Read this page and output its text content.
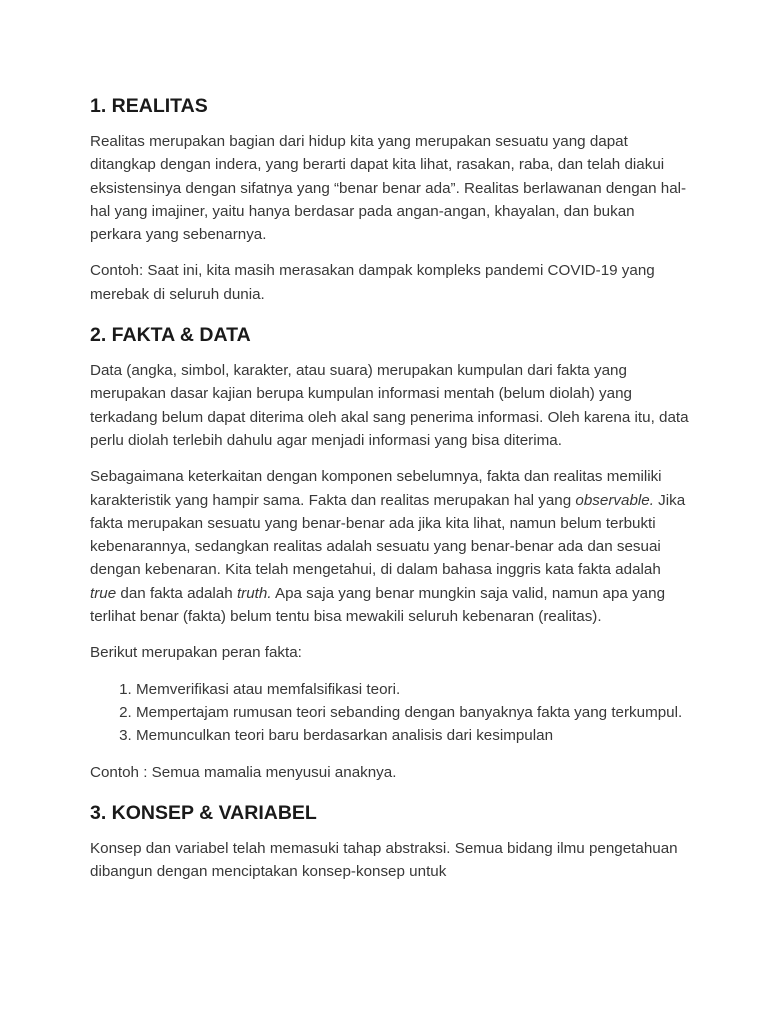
1. REALITAS

Realitas merupakan bagian dari hidup kita yang merupakan sesuatu yang dapat ditangkap dengan indera, yang berarti dapat kita lihat, rasakan, raba, dan telah diakui eksistensinya dengan sifatnya yang “benar benar ada”. Realitas berlawanan dengan hal-hal yang imajiner, yaitu hanya berdasar pada angan-angan, khayalan, dan bukan perkara yang sebenarnya.

Contoh: Saat ini, kita masih merasakan dampak kompleks pandemi COVID-19 yang merebak di seluruh dunia.

2. FAKTA & DATA

Data (angka, simbol, karakter, atau suara) merupakan kumpulan dari fakta yang merupakan dasar kajian berupa kumpulan informasi mentah (belum diolah) yang terkadang belum dapat diterima oleh akal sang penerima informasi. Oleh karena itu, data perlu diolah terlebih dahulu agar menjadi informasi yang bisa diterima.

Sebagaimana keterkaitan dengan komponen sebelumnya, fakta dan realitas memiliki karakteristik yang hampir sama. Fakta dan realitas merupakan hal yang observable. Jika fakta merupakan sesuatu yang benar-benar ada jika kita lihat, namun belum terbukti kebenarannya, sedangkan realitas adalah sesuatu yang benar-benar ada dan sesuai dengan kebenaran. Kita telah mengetahui, di dalam bahasa inggris kata fakta adalah true dan fakta adalah truth. Apa saja yang benar mungkin saja valid, namun apa yang terlihat benar (fakta) belum tentu bisa mewakili seluruh kebenaran (realitas).

Berikut merupakan peran fakta:

1. Memverifikasi atau memfalsifikasi teori.
2. Mempertajam rumusan teori sebanding dengan banyaknya fakta yang terkumpul.
3. Memunculkan teori baru berdasarkan analisis dari kesimpulan

Contoh : Semua mamalia menyusui anaknya.

3. KONSEP & VARIABEL

Konsep dan variabel telah memasuki tahap abstraksi. Semua bidang ilmu pengetahuan dibangun dengan menciptakan konsep-konsep untuk
